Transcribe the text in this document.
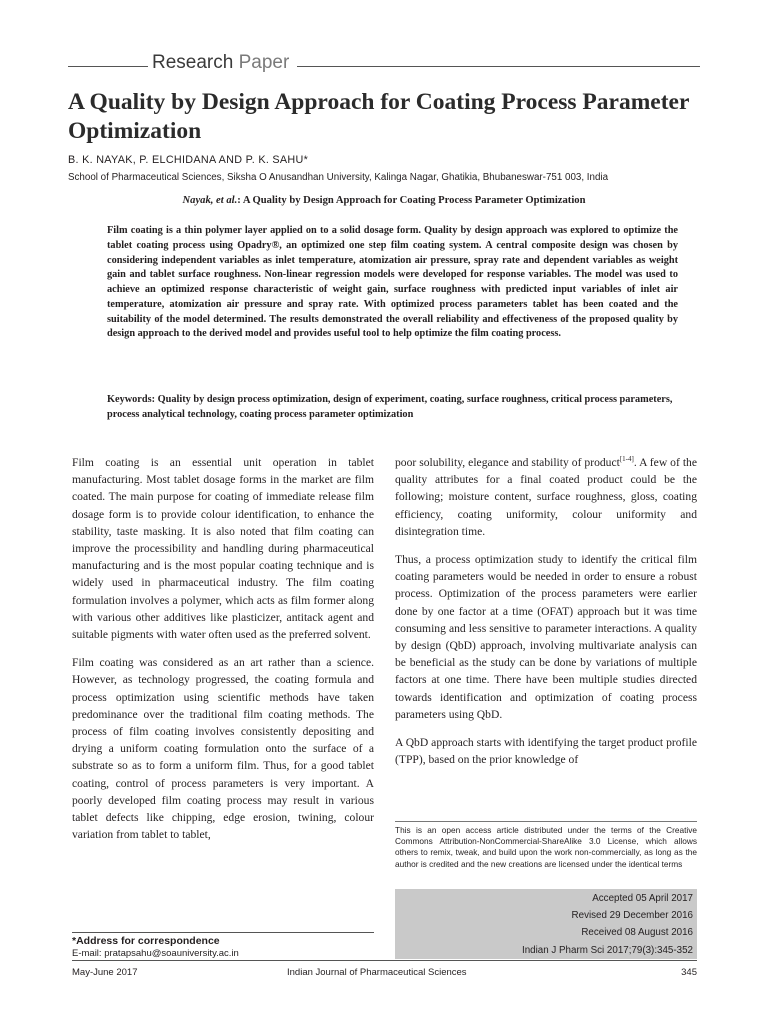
Research Paper
A Quality by Design Approach for Coating Process Parameter Optimization
B. K. NAYAK, P. ELCHIDANA AND P. K. SAHU*
School of Pharmaceutical Sciences, Siksha O Anusandhan University, Kalinga Nagar, Ghatikia, Bhubaneswar-751 003, India
Nayak, et al.: A Quality by Design Approach for Coating Process Parameter Optimization

Film coating is a thin polymer layer applied on to a solid dosage form. Quality by design approach was explored to optimize the tablet coating process using Opadry®, an optimized one step film coating system. A central composite design was chosen by considering independent variables as inlet temperature, atomization air pressure, spray rate and dependent variables as weight gain and tablet surface roughness. Non-linear regression models were developed for response variables. The model was used to achieve an optimized response characteristic of weight gain, surface roughness with predicted input variables of inlet air temperature, atomization air pressure and spray rate. With optimized process parameters tablet has been coated and the suitability of the model determined. The results demonstrated the overall reliability and effectiveness of the proposed quality by design approach to the derived model and provides useful tool to help optimize the film coating process.

Keywords: Quality by design process optimization, design of experiment, coating, surface roughness, critical process parameters, process analytical technology, coating process parameter optimization

Film coating is an essential unit operation in tablet manufacturing. Most tablet dosage forms in the market are film coated. The main purpose for coating of immediate release film dosage form is to provide colour identification, to enhance the stability, taste masking. It is also noted that film coating can improve the processibility and handling during pharmaceutical manufacturing and is the most popular coating technique and is widely used in pharmaceutical industry. The film coating formulation involves a polymer, which acts as film former along with various other additives like plasticizer, antitack agent and suitable pigments with water often used as the preferred solvent.

Film coating was considered as an art rather than a science. However, as technology progressed, the coating formula and process optimization using scientific methods have taken predominance over the traditional film coating methods. The process of film coating involves consistently depositing and drying a uniform coating formulation onto the surface of a substrate so as to form a uniform film. Thus, for a good tablet coating, control of process parameters is very important. A poorly developed film coating process may result in various tablet defects like chipping, edge erosion, twining, colour variation from tablet to tablet,

poor solubility, elegance and stability of product[1-4]. A few of the quality attributes for a final coated product could be the following; moisture content, surface roughness, gloss, coating efficiency, coating uniformity, colour uniformity and disintegration time.

Thus, a process optimization study to identify the critical film coating parameters would be needed in order to ensure a robust process. Optimization of the process parameters were earlier done by one factor at a time (OFAT) approach but it was time consuming and less sensitive to parameter interactions. A quality by design (QbD) approach, involving multivariate analysis can be beneficial as the study can be done by variations of multiple factors at one time. There have been multiple studies directed towards identification and optimization of coating process parameters using QbD.

A QbD approach starts with identifying the target product profile (TPP), based on the prior knowledge of

This is an open access article distributed under the terms of the Creative Commons Attribution-NonCommercial-ShareAlike 3.0 License, which allows others to remix, tweak, and build upon the work non-commercially, as long as the author is credited and the new creations are licensed under the identical terms
Accepted 05 April 2017
Revised 29 December 2016
Received 08 August 2016
Indian J Pharm Sci 2017;79(3):345-352
*Address for correspondence
E-mail: pratapsahu@soauniversity.ac.in
May-June 2017	Indian Journal of Pharmaceutical Sciences	345
